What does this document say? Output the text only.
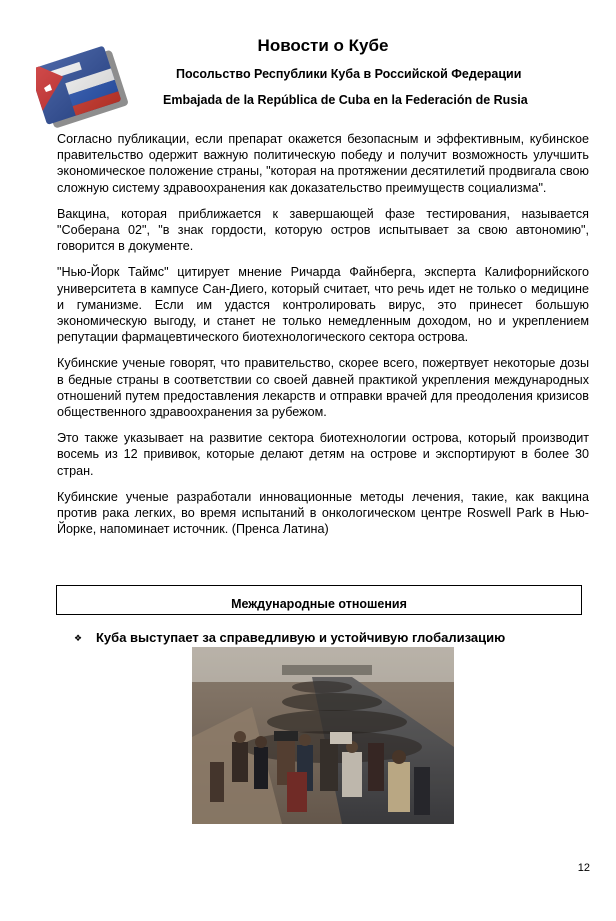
Новости о Кубе
Посольство Республики Куба в Российской Федерации
Embajada de la República de Cuba en la Federación de Rusia

Согласно публикации, если препарат окажется безопасным и эффективным, кубинское правительство одержит важную политическую победу и получит возможность улучшить экономическое положение страны, "которая на протяжении десятилетий продвигала свою сложную систему здравоохранения как доказательство преимуществ социализма".

Вакцина, которая приближается к завершающей фазе тестирования, называется "Соберана 02", "в знак гордости, которую остров испытывает за свою автономию", говорится в документе.

"Нью-Йорк Таймс" цитирует мнение Ричарда Файнберга, эксперта Калифорнийского университета в кампусе Сан-Диего, который считает, что речь идет не только о медицине и гуманизме. Если им удастся контролировать вирус, это принесет большую экономическую выгоду, и станет не только немедленным доходом, но и укреплением репутации фармацевтического биотехнологического сектора острова.

Кубинские ученые говорят, что правительство, скорее всего, пожертвует некоторые дозы в бедные страны в соответствии со своей давней практикой укрепления международных отношений путем предоставления лекарств и отправки врачей для преодоления кризисов общественного здравоохранения за рубежом.

Это также указывает на развитие сектора биотехнологии острова, который производит восемь из 12 прививок, которые делают детям на острове и экспортируют в более 30 стран.

Кубинские ученые разработали инновационные методы лечения, такие, как вакцина против рака легких, во время испытаний в онкологическом центре Roswell Park в Нью-Йорке, напоминает источник. (Пренса Латина)

Международные отношения
❖ Куба выступает за справедливую и устойчивую глобализацию
12
